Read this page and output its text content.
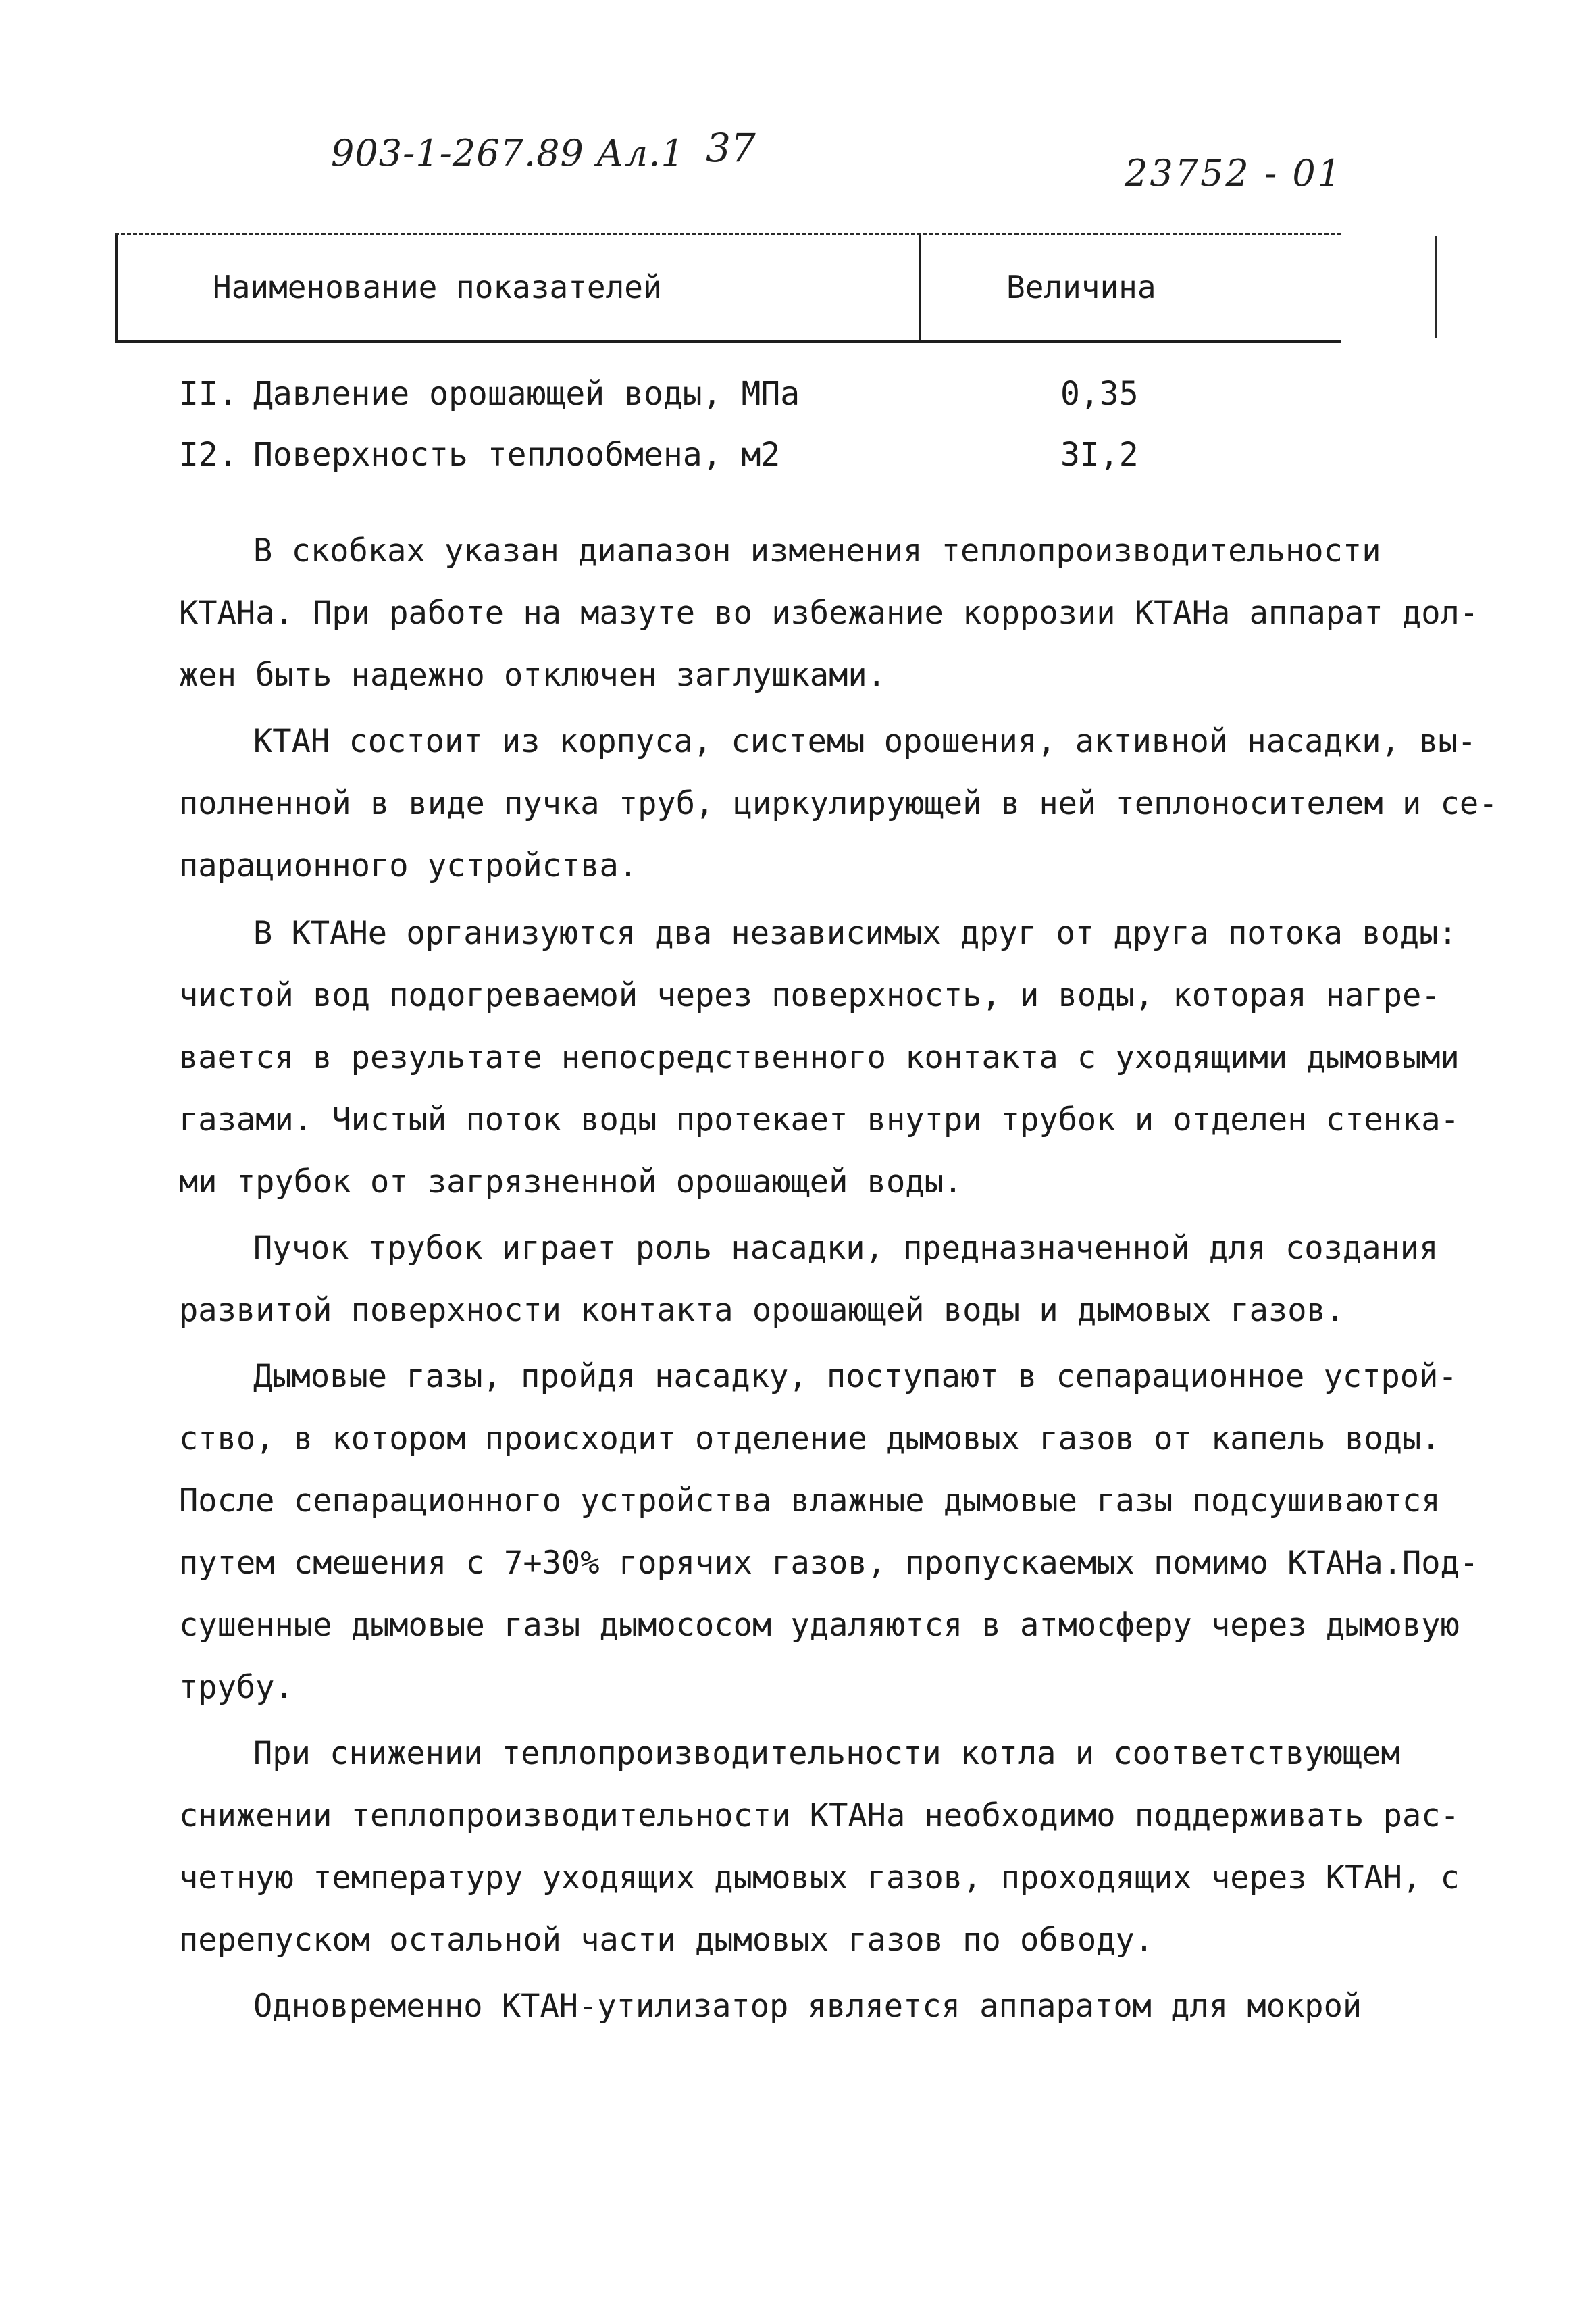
903-1-267.89 Ал.1 37
23752 - 01
Наименование показателей	Величина
II. Давление орошающей воды, МПа	0,35
I2. Поверхность теплообмена, м2	3I,2
В скобках указан диапазон изменения теплопроизводительности
КТАНа. При работе на мазуте во избежание коррозии КТАНа аппарат дол-
жен быть надежно отключен заглушками.
КТАН состоит из корпуса, системы орошения, активной насадки, вы-
полненной в виде пучка труб, циркулирующей в ней теплоносителем и се-
парационного устройства.
В КТАНе организуются два независимых друг от друга потока воды:
чистой вод подогреваемой через поверхность, и воды, которая нагре-
вается в результате непосредственного контакта с уходящими дымовыми
газами. Чистый поток воды протекает внутри трубок и отделен стенка-
ми трубок от загрязненной орошающей воды.
Пучок трубок играет роль насадки, предназначенной для создания
развитой поверхности контакта орошающей воды и дымовых газов.
Дымовые газы, пройдя насадку, поступают в сепарационное устрой-
ство, в котором происходит отделение дымовых газов от капель воды.
После сепарационного устройства влажные дымовые газы подсушиваются
путем смешения с 7+30% горячих газов, пропускаемых помимо КТАНа.Под-
сушенные дымовые газы дымососом удаляются в атмосферу через дымовую
трубу.
При снижении теплопроизводительности котла и соответствующем
снижении теплопроизводительности КТАНа необходимо поддерживать рас-
четную температуру уходящих дымовых газов, проходящих через КТАН, с
перепуском остальной части дымовых газов по обводу.
Одновременно КТАН-утилизатор является аппаратом для мокрой
